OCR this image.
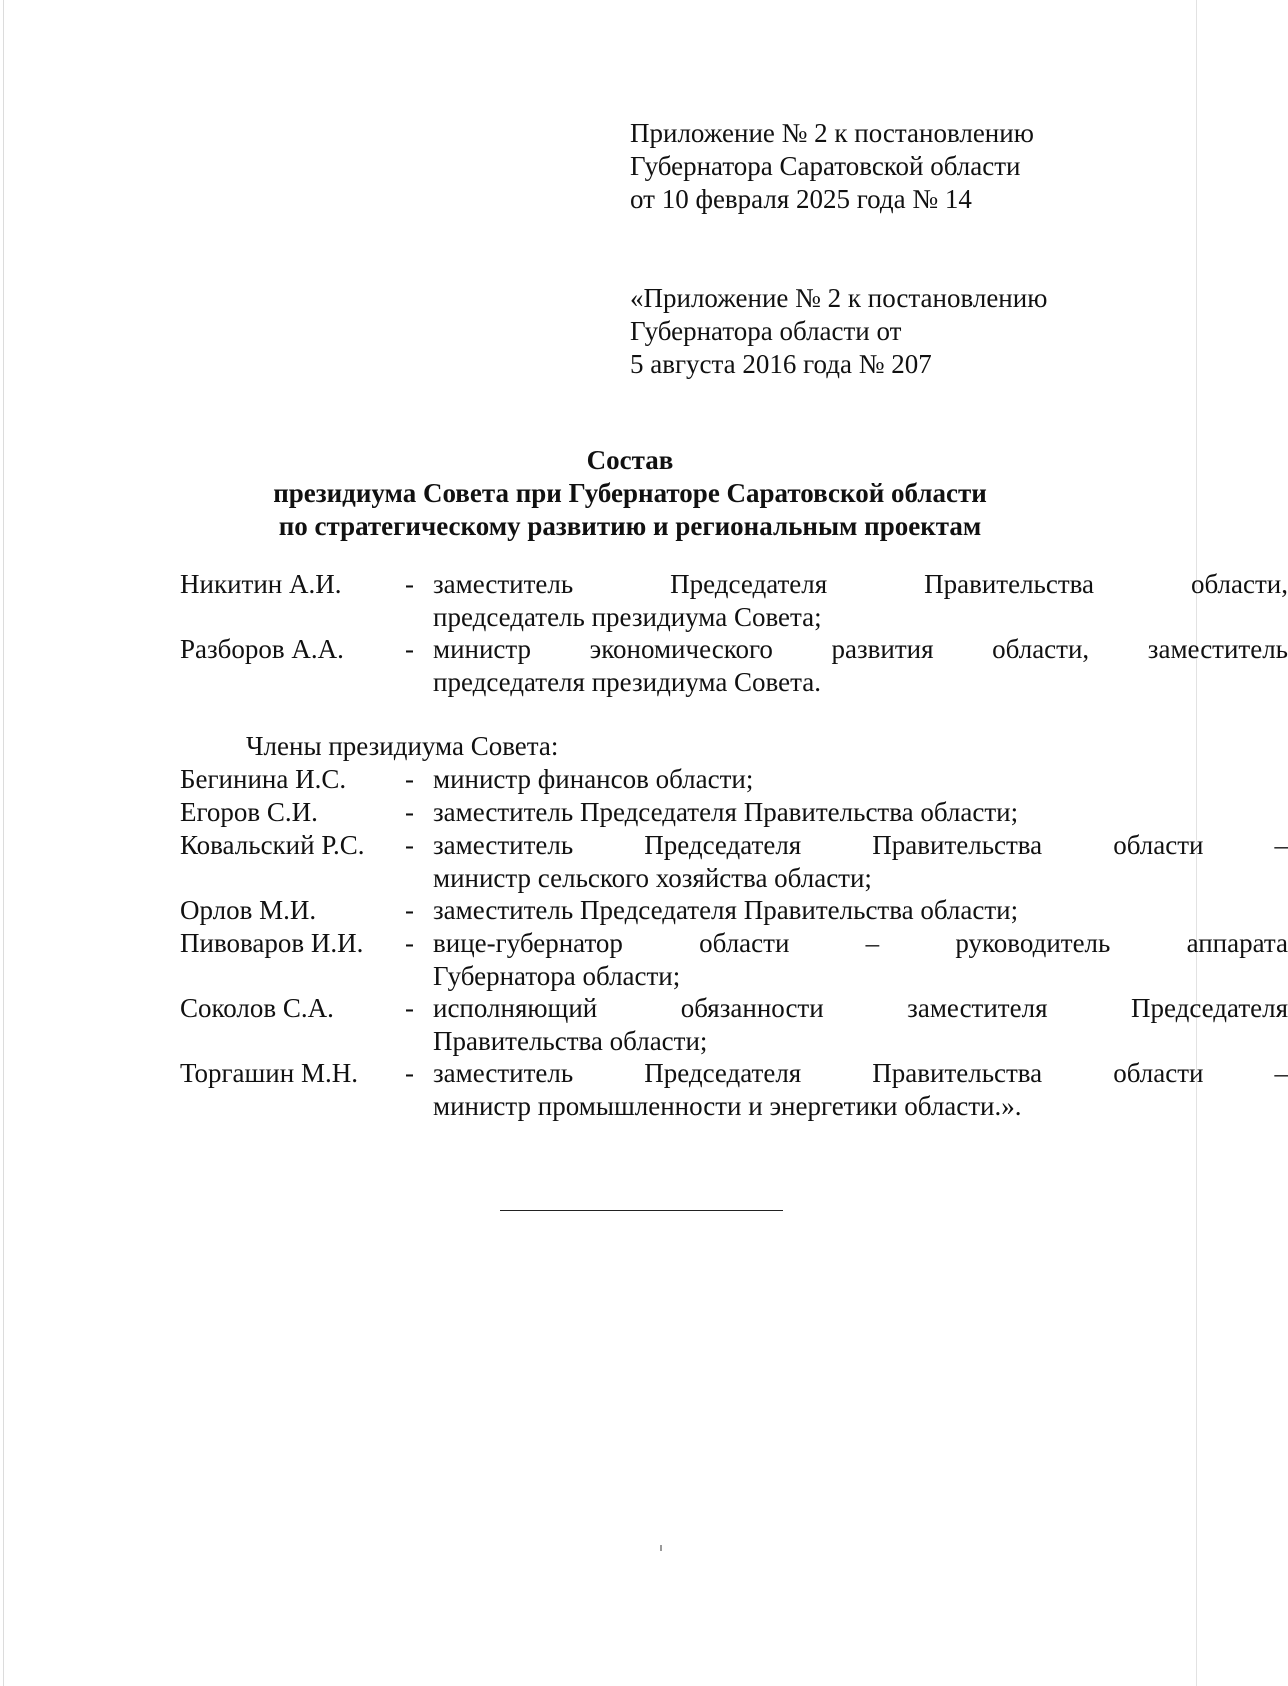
Приложение № 2 к постановлению
Губернатора Саратовской области
от 10 февраля 2025 года № 14
«Приложение № 2 к постановлению
Губернатора области от
5 августа 2016 года № 207
Состав
президиума Совета при Губернаторе Саратовской области
по стратегическому развитию и региональным проектам
Никитин А.И. - заместитель Председателя Правительства области,
председатель президиума Совета;
Разборов А.А. - министр экономического развития области, заместитель
председателя президиума Совета.
Члены президиума Совета:
Бегинина И.С. - министр финансов области;
Егоров С.И.	- заместитель Председателя Правительства области;
Ковальский Р.С. - заместитель Председателя Правительства области –
министр сельского хозяйства области;
Орлов М.И.	- заместитель Председателя Правительства области;
Пивоваров И.И. - вице-губернатор области – руководитель аппарата
Губернатора области;
Соколов С.А.	- исполняющий обязанности заместителя Председателя
Правительства области;
Торгашин М.Н. - заместитель Председателя Правительства области –
министр промышленности и энергетики области.».
